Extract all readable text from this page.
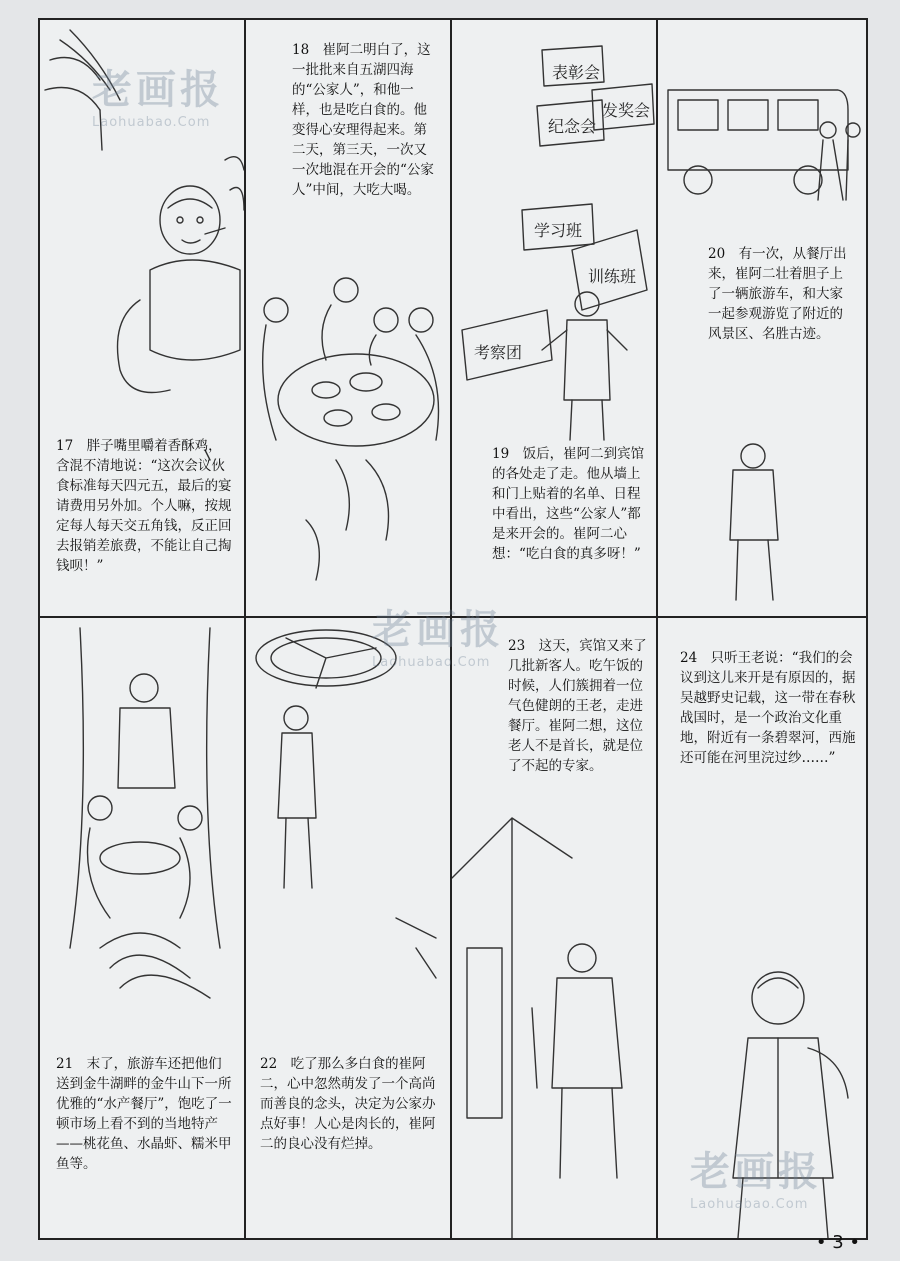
17　胖子嘴里嚼着香酥鸡，含混不清地说：“这次会议伙食标准每天四元五，最后的宴请费用另外加。个人嘛，按规定每人每天交五角钱，反正回去报销差旅费，不能让自己掏钱呗！”
18　崔阿二明白了，这一批批来自五湖四海的“公家人”，和他一样，也是吃白食的。他变得心安理得起来。第二天，第三天，一次又一次地混在开会的“公家人”中间，大吃大喝。
表彰会
纪念会
发奖会
学习班
训练班
考察团
19　饭后，崔阿二到宾馆的各处走了走。他从墙上和门上贴着的名单、日程中看出，这些“公家人”都是来开会的。崔阿二心想：“吃白食的真多呀！”
20　有一次，从餐厅出来，崔阿二壮着胆子上了一辆旅游车，和大家一起参观游览了附近的风景区、名胜古迹。
21　末了，旅游车还把他们送到金牛湖畔的金牛山下一所优雅的“水产餐厅”，饱吃了一顿市场上看不到的当地特产——桃花鱼、水晶虾、糯米甲鱼等。
22　吃了那么多白食的崔阿二，心中忽然萌发了一个高尚而善良的念头，决定为公家办点好事！人心是肉长的，崔阿二的良心没有烂掉。
23　这天，宾馆又来了几批新客人。吃午饭的时候，人们簇拥着一位气色健朗的王老，走进餐厅。崔阿二想，这位老人不是首长，就是位了不起的专家。
24　只听王老说：“我们的会议到这儿来开是有原因的，据吴越野史记载，这一带在春秋战国时，是一个政治文化重地，附近有一条碧翠河，西施还可能在河里浣过纱……”
老画报
Laohuabao.Com
老画报
Laohuabao.Com
老画报
Laohuabao.Com
• 3 •
